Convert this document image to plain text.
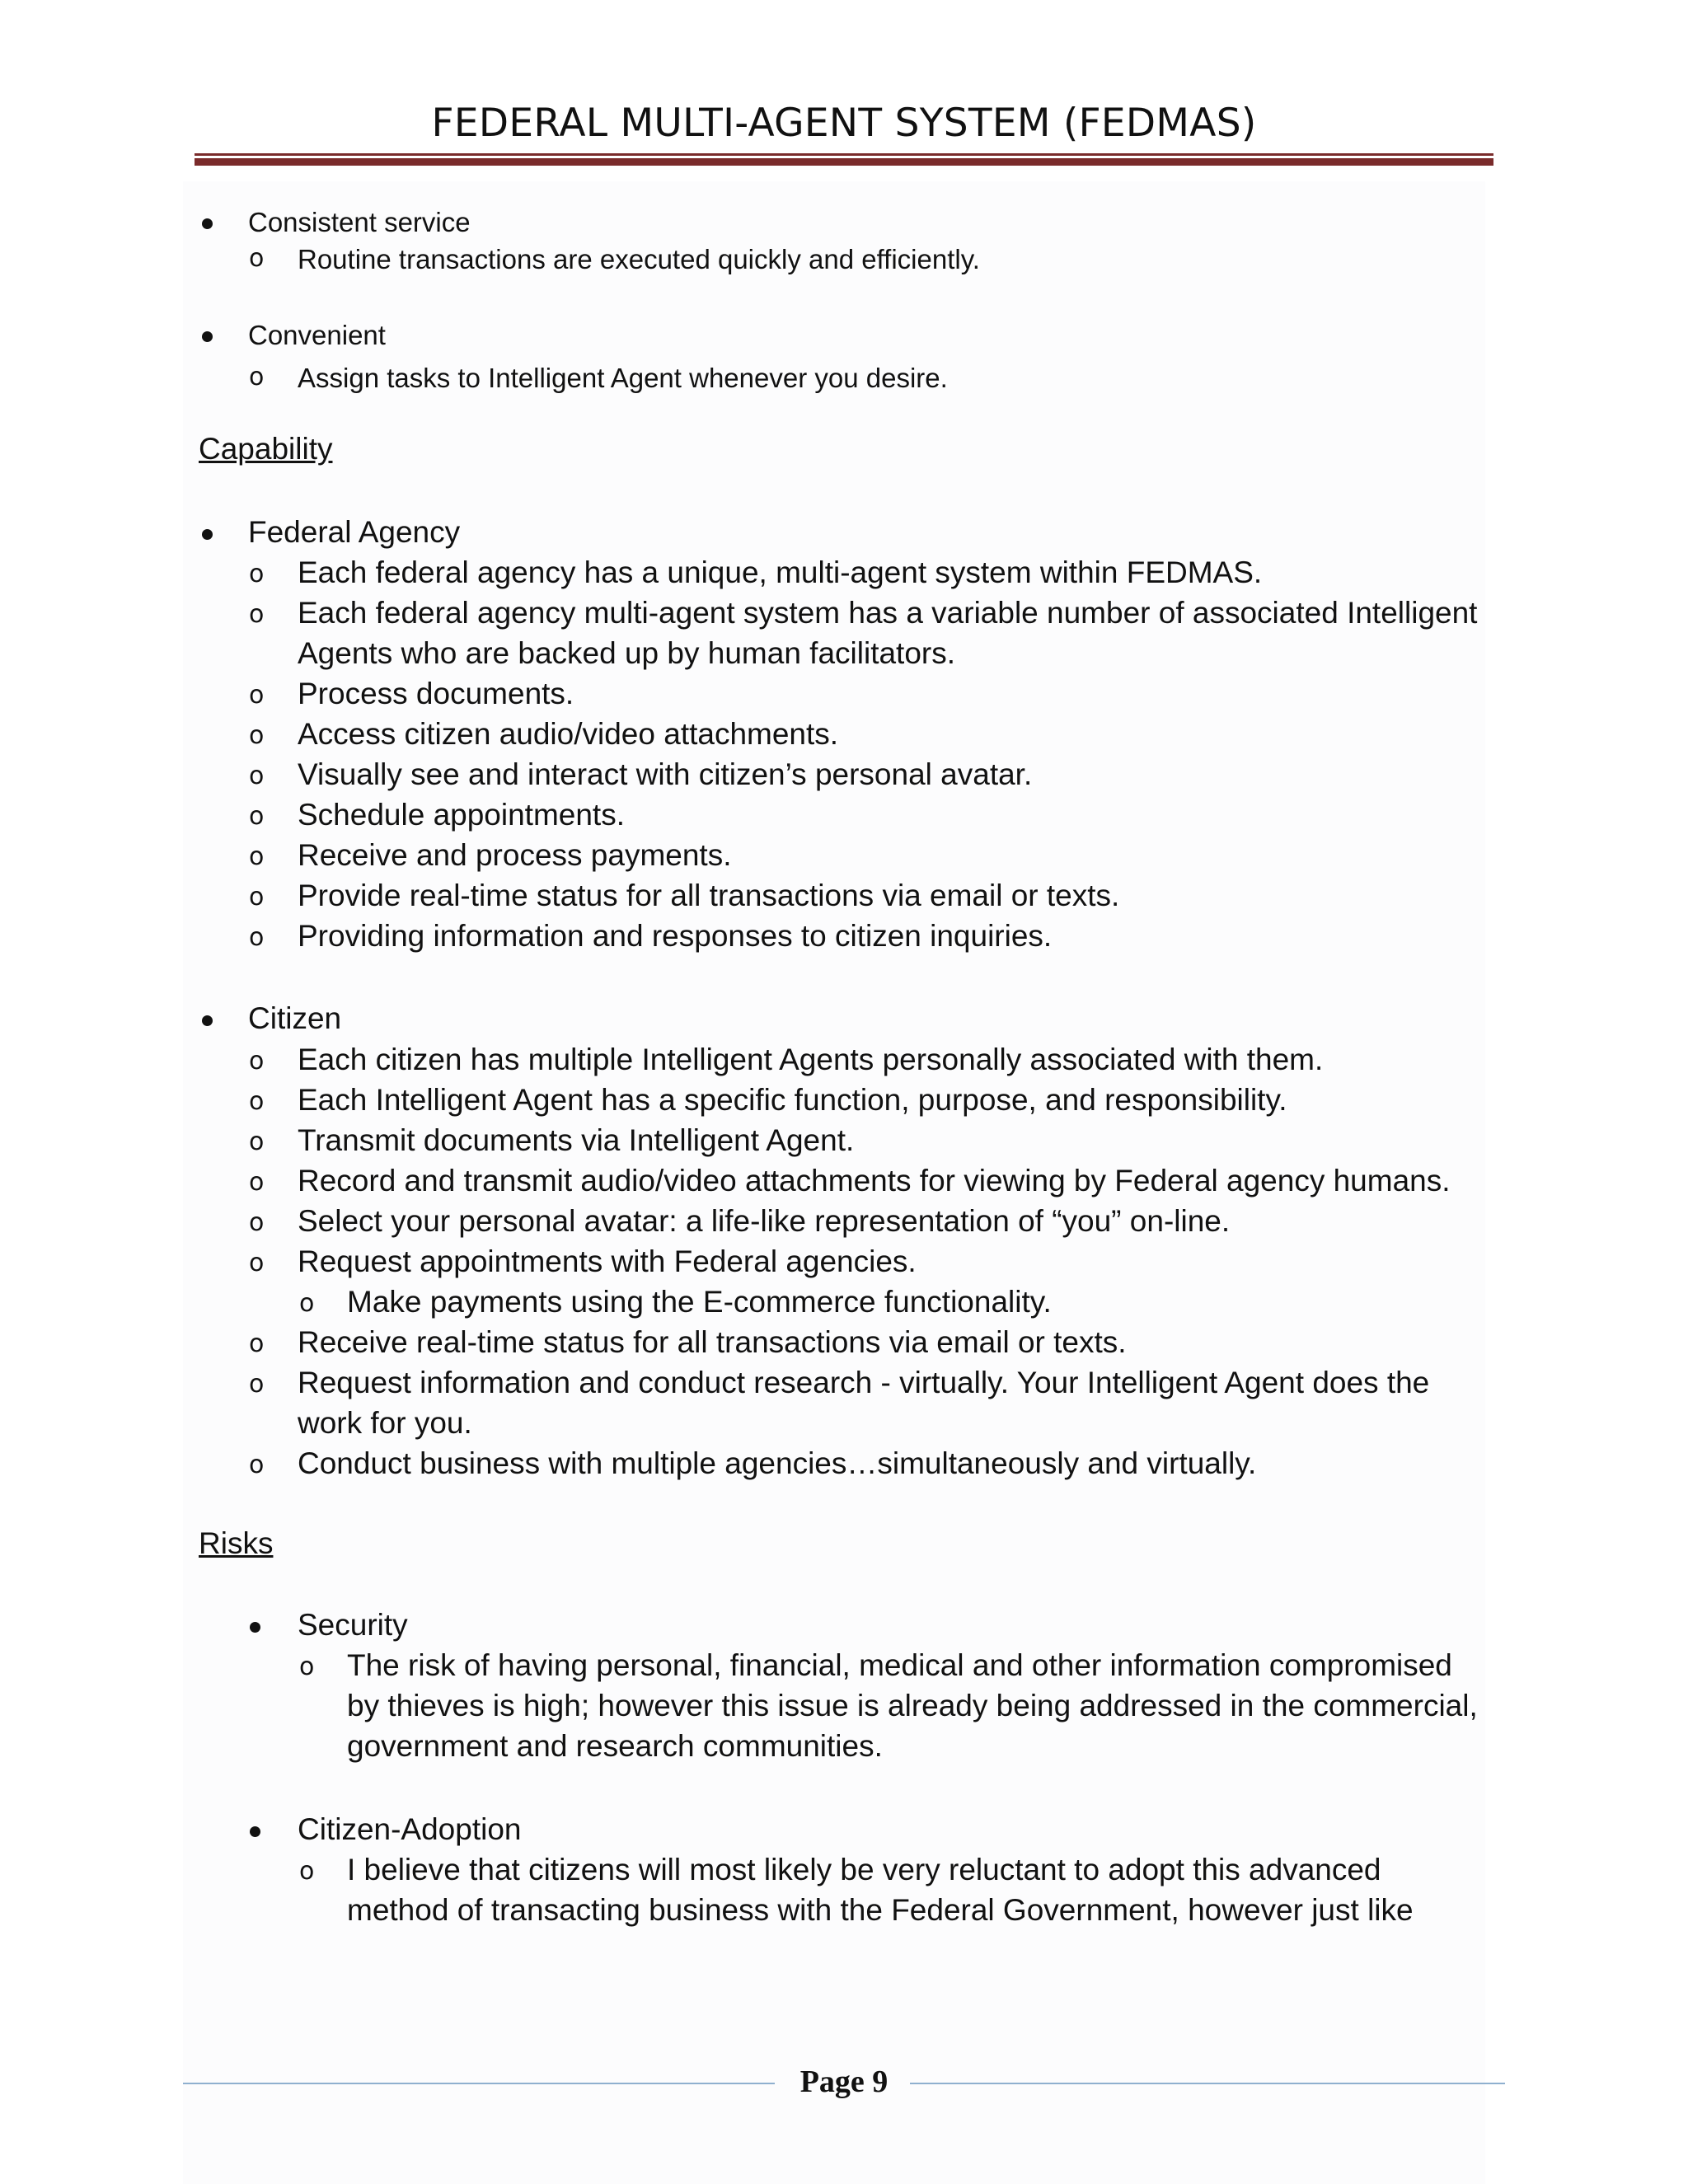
FEDERAL MULTI-AGENT SYSTEM (FEDMAS)
Consistent service
o Routine transactions are executed quickly and efficiently.
Convenient
o Assign tasks to Intelligent Agent whenever you desire.
Capability
Federal Agency
o Each federal agency has a unique, multi-agent system within FEDMAS.
o Each federal agency multi-agent system has a variable number of associated Intelligent
Agents who are backed up by human facilitators.
o Process documents.
o Access citizen audio/video attachments.
o Visually see and interact with citizen’s personal avatar.
o Schedule appointments.
o Receive and process payments.
o Provide real-time status for all transactions via email or texts.
o Providing information and responses to citizen inquiries.
Citizen
o Each citizen has multiple Intelligent Agents personally associated with them.
o Each Intelligent Agent has a specific function, purpose, and responsibility.
o Transmit documents via Intelligent Agent.
o Record and transmit audio/video attachments for viewing by Federal agency humans.
o Select your personal avatar: a life-like representation of “you” on-line.
o Request appointments with Federal agencies.
o Make payments using the E-commerce functionality.
o Receive real-time status for all transactions via email or texts.
o Request information and conduct research - virtually. Your Intelligent Agent does the
work for you.
o Conduct business with multiple agencies…simultaneously and virtually.
Risks
Security
o The risk of having personal, financial, medical and other information compromised
by thieves is high; however this issue is already being addressed in the commercial,
government and research communities.
Citizen-Adoption
o I believe that citizens will most likely be very reluctant to adopt this advanced
method of transacting business with the Federal Government, however just like
Page 9
